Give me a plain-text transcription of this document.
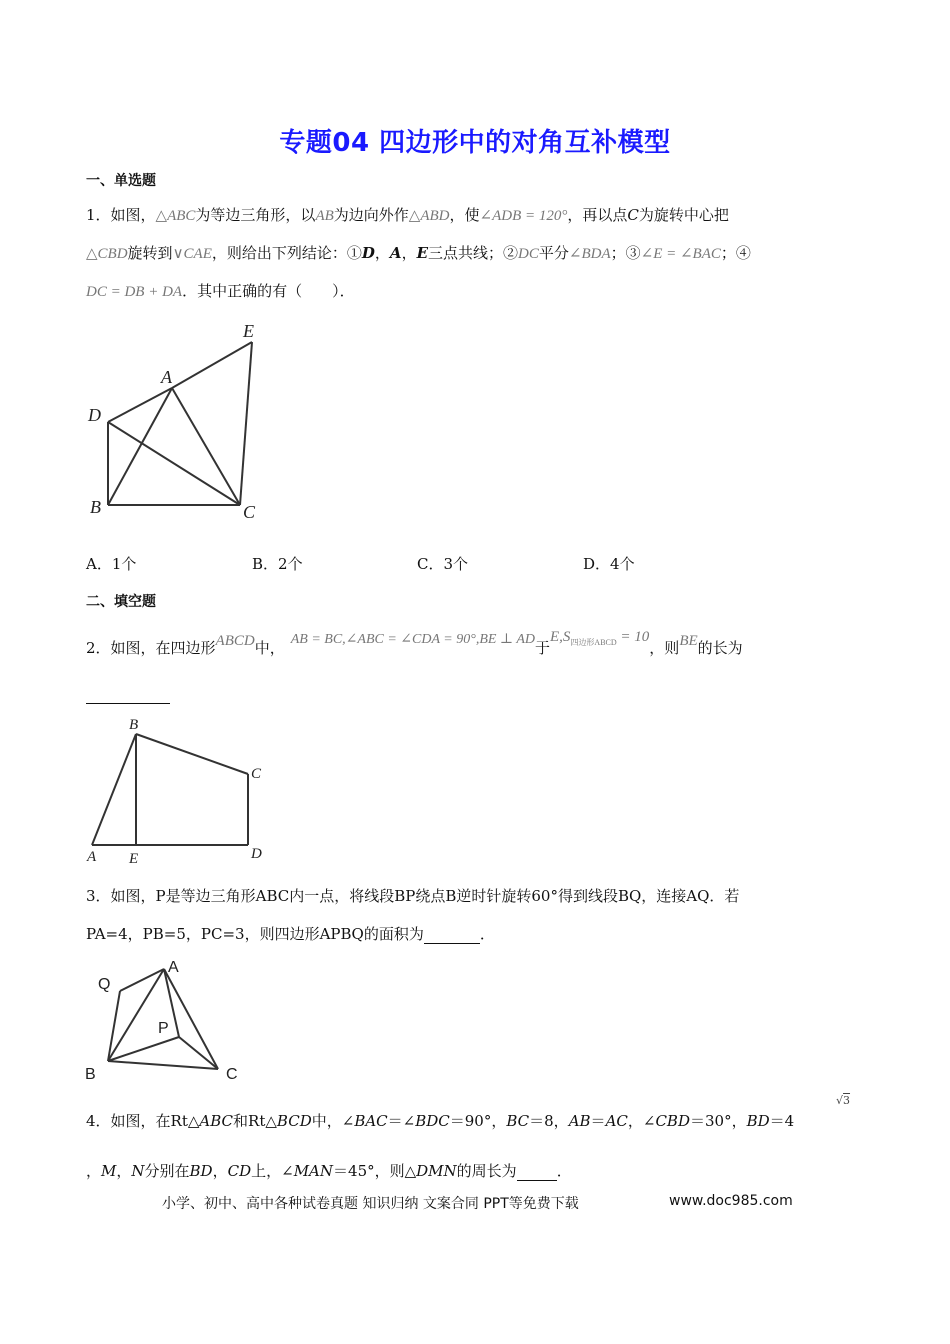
专题04 四边形中的对角互补模型
一、单选题
1．如图，△ABC为等边三角形，以AB为边向外作△ABD，使∠ADB = 120°，再以点C为旋转中心把
△CBD旋转到∨CAE，则给出下列结论：①D，A，E三点共线；②DC平分∠BDA；③∠E = ∠BAC；④
DC = DB + DA．其中正确的有（　　）．
E
A
D
B	C
A．1个	B．2个	C．3个	D．4个
二、填空题
2．如图，在四边形ABCD中， AB = BC,∠ABC = ∠CDA = 90°,BE ⊥ AD于$E,S_{四边形ABCD} = 10$，则BE的长为
B
C
A E	D
3．如图，P是等边三角形ABC内一点，将线段BP绕点B逆时针旋转60°得到线段BQ，连接AQ．若
PA=4，PB=5，PC=3，则四边形APBQ的面积为	．
Q
A
P
B	C
4．如图，在Rt△ABC和Rt△BCD中，∠BAC＝∠BDC＝90°，BC＝8，AB＝AC，∠CBD＝30°，BD＝4
√3
，M，N分别在BD，CD上，∠MAN＝45°，则△DMN的周长为	．
小学、初中、高中各种试卷真题 知识归纳 文案合同 PPT等免费下载	www.doc985.com
